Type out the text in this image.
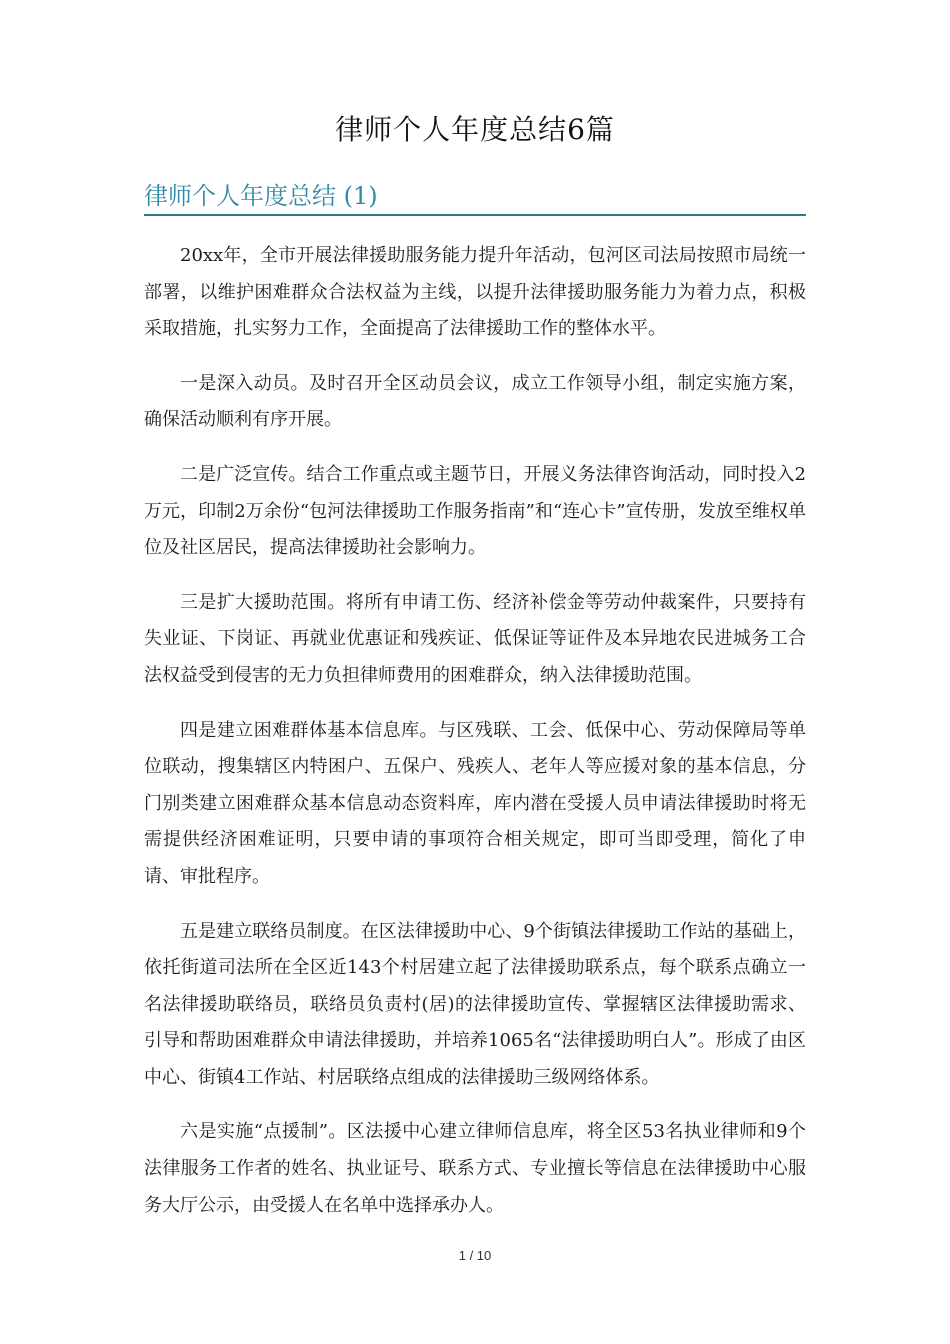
律师个人年度总结6篇
律师个人年度总结 (1)

20xx年，全市开展法律援助服务能力提升年活动，包河区司法局按照市局统一部署，以维护困难群众合法权益为主线，以提升法律援助服务能力为着力点，积极采取措施，扎实努力工作，全面提高了法律援助工作的整体水平。

一是深入动员。及时召开全区动员会议，成立工作领导小组，制定实施方案，确保活动顺利有序开展。

二是广泛宣传。结合工作重点或主题节日，开展义务法律咨询活动，同时投入2万元，印制2万余份“包河法律援助工作服务指南”和“连心卡”宣传册，发放至维权单位及社区居民，提高法律援助社会影响力。

三是扩大援助范围。将所有申请工伤、经济补偿金等劳动仲裁案件，只要持有失业证、下岗证、再就业优惠证和残疾证、低保证等证件及本异地农民进城务工合法权益受到侵害的无力负担律师费用的困难群众，纳入法律援助范围。

四是建立困难群体基本信息库。与区残联、工会、低保中心、劳动保障局等单位联动，搜集辖区内特困户、五保户、残疾人、老年人等应援对象的基本信息，分门别类建立困难群众基本信息动态资料库，库内潜在受援人员申请法律援助时将无需提供经济困难证明，只要申请的事项符合相关规定，即可当即受理，简化了申请、审批程序。

五是建立联络员制度。在区法律援助中心、9个街镇法律援助工作站的基础上，依托街道司法所在全区近143个村居建立起了法律援助联系点，每个联系点确立一名法律援助联络员，联络员负责村(居)的法律援助宣传、掌握辖区法律援助需求、引导和帮助困难群众申请法律援助，并培养1065名“法律援助明白人”。形成了由区中心、街镇4工作站、村居联络点组成的法律援助三级网络体系。

六是实施“点援制”。区法援中心建立律师信息库，将全区53名执业律师和9个法律服务工作者的姓名、执业证号、联系方式、专业擅长等信息在法律援助中心服务大厅公示，由受援人在名单中选择承办人。

1 / 10
